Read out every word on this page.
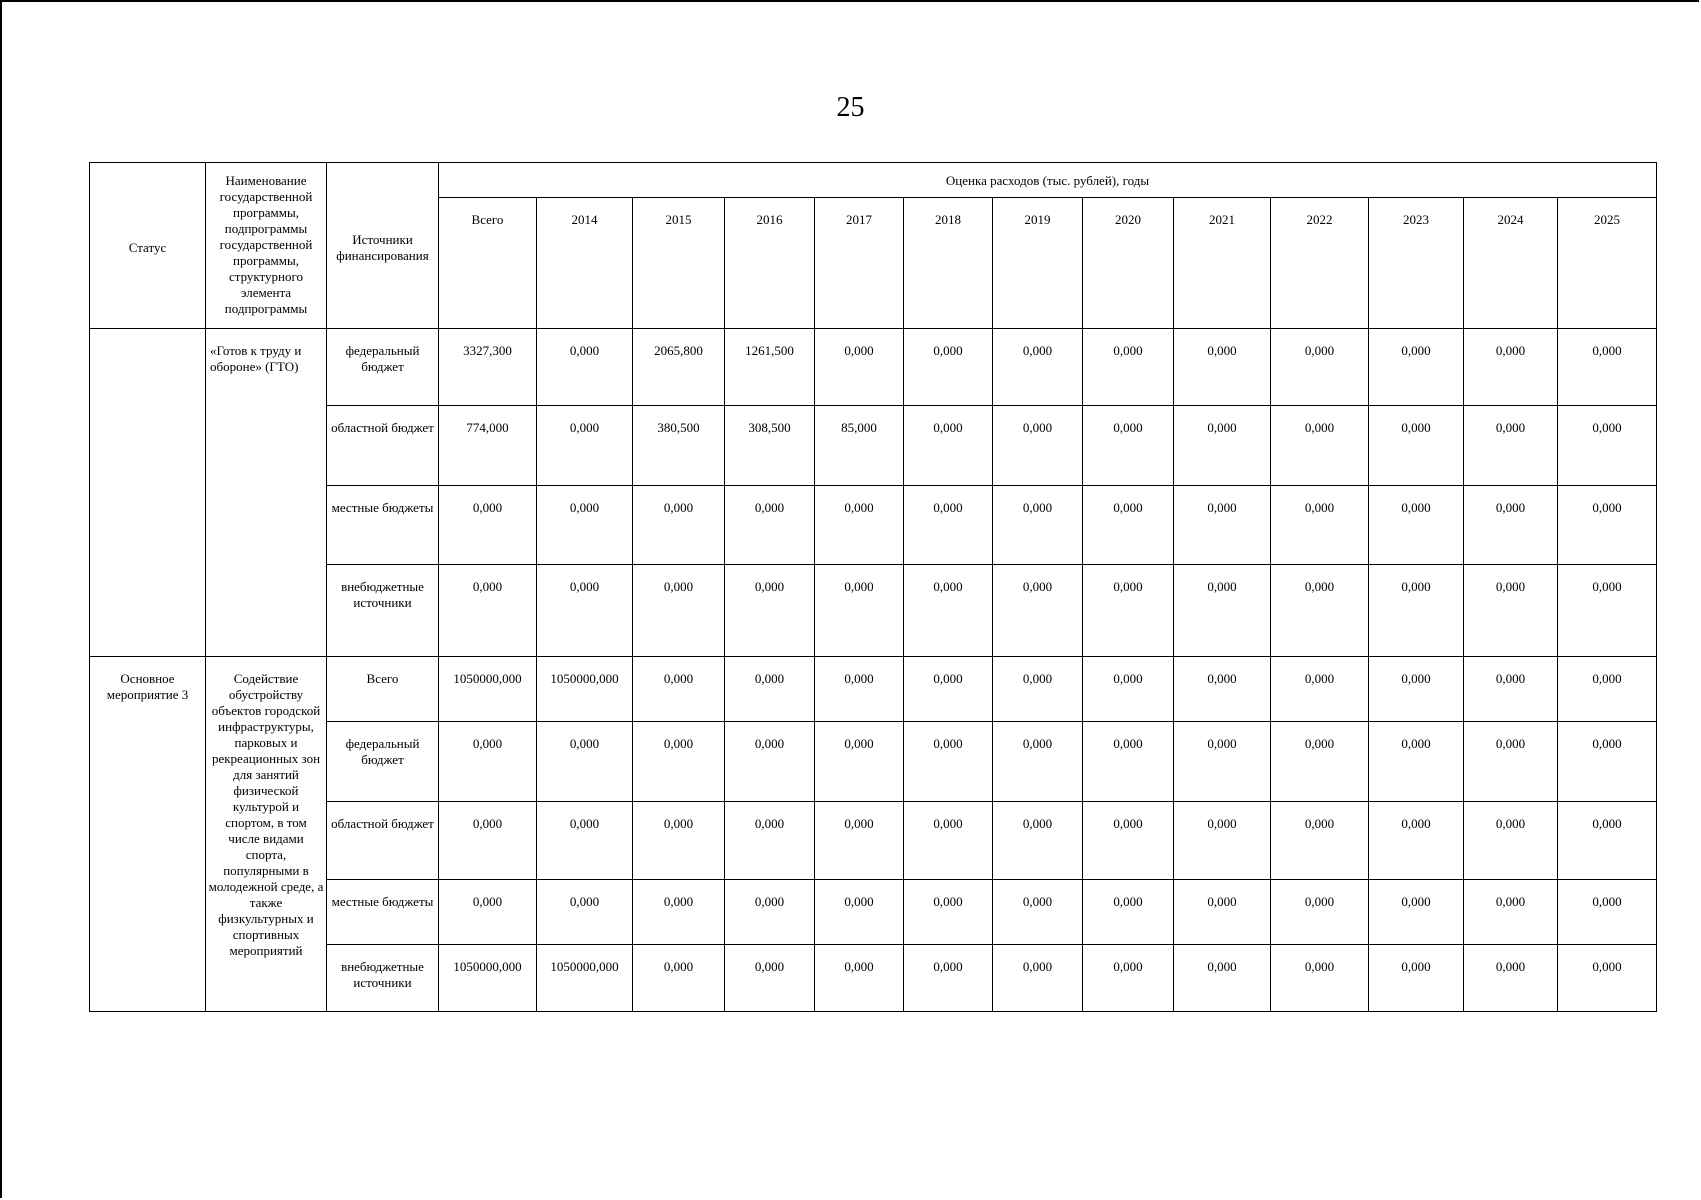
25
Статус	Наименование государственной программы, подпрограммы государственной программы, структурного элемента подпрограммы	Источники финансирования	Оценка расходов (тыс. рублей), годы												
			Всего	2014	2015	2016	2017	2018	2019	2020	2021	2022	2023	2024	2025
	«Готов к труду и обороне» (ГТО)	федеральный бюджет	3327,300	0,000	2065,800	1261,500	0,000	0,000	0,000	0,000	0,000	0,000	0,000	0,000	0,000
		областной бюджет	774,000	0,000	380,500	308,500	85,000	0,000	0,000	0,000	0,000	0,000	0,000	0,000	0,000
		местные бюджеты	0,000	0,000	0,000	0,000	0,000	0,000	0,000	0,000	0,000	0,000	0,000	0,000	0,000
		внебюджетные источники	0,000	0,000	0,000	0,000	0,000	0,000	0,000	0,000	0,000	0,000	0,000	0,000	0,000
Основное мероприятие 3	Содействие обустройству объектов городской инфраструктуры, парковых и рекреационных зон для занятий физической культурой и спортом, в том числе видами спорта, популярными в молодежной среде, а также физкультурных и спортивных мероприятий	Всего	1050000,000	1050000,000	0,000	0,000	0,000	0,000	0,000	0,000	0,000	0,000	0,000	0,000	0,000
		федеральный бюджет	0,000	0,000	0,000	0,000	0,000	0,000	0,000	0,000	0,000	0,000	0,000	0,000	0,000
		областной бюджет	0,000	0,000	0,000	0,000	0,000	0,000	0,000	0,000	0,000	0,000	0,000	0,000	0,000
		местные бюджеты	0,000	0,000	0,000	0,000	0,000	0,000	0,000	0,000	0,000	0,000	0,000	0,000	0,000
		внебюджетные источники	1050000,000	1050000,000	0,000	0,000	0,000	0,000	0,000	0,000	0,000	0,000	0,000	0,000	0,000
